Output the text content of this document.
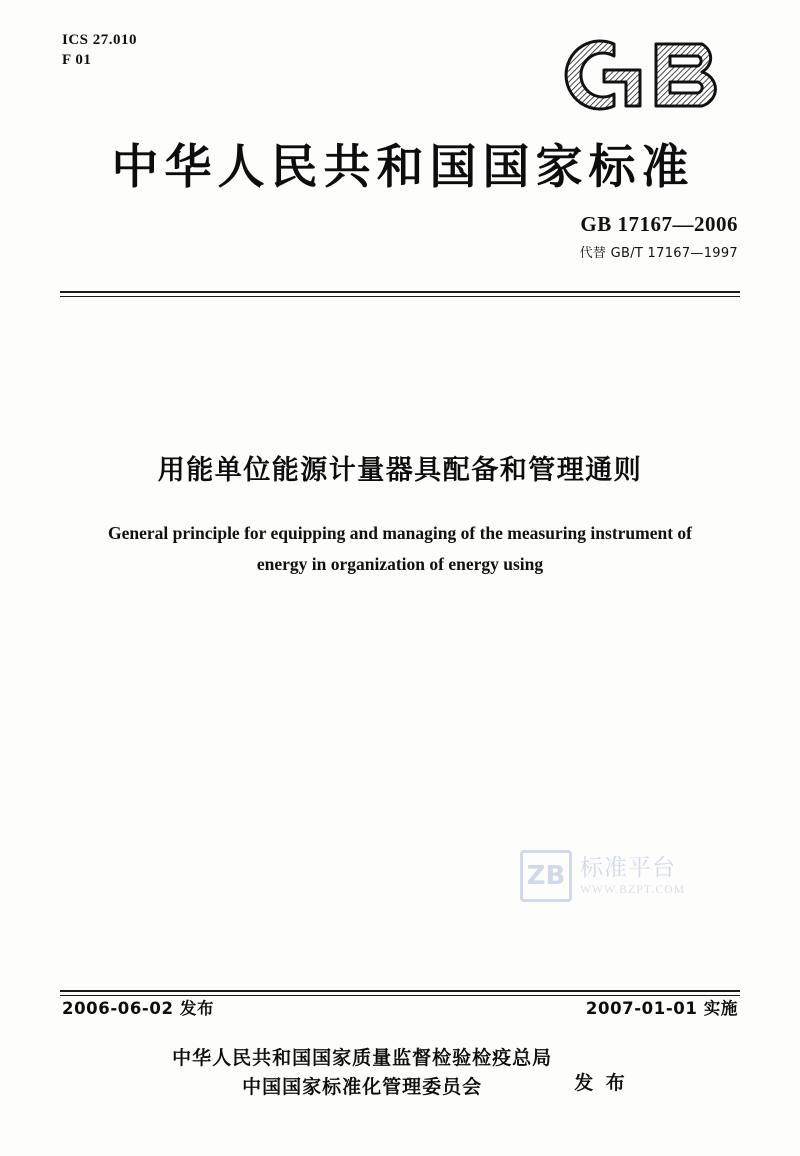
ICS 27.010
F 01
中华人民共和国国家标准
GB 17167—2006
代替 GB/T 17167—1997
用能单位能源计量器具配备和管理通则
General principle for equipping and managing of the measuring instrument of
energy in organization of energy using
ZB 标准平台
WWW.BZPT.COM
2006-06-02 发布	2007-01-01 实施
中华人民共和国国家质量监督检验检疫总局
中国国家标准化管理委员会	发 布
